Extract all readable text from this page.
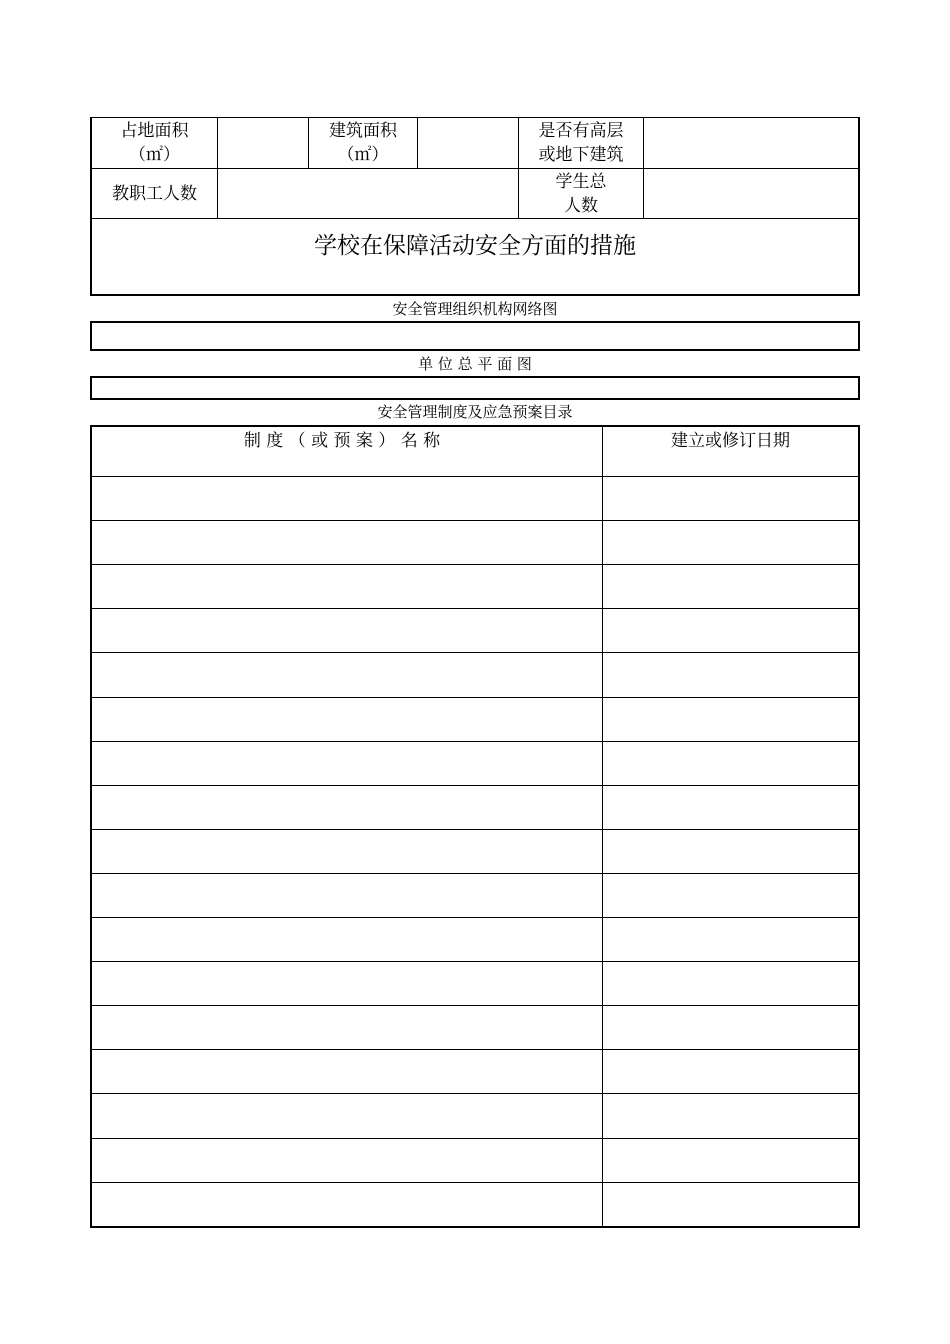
占地面积
（㎡）
建筑面积
（㎡）
是否有高层
或地下建筑
教职工人数
学生总
人数
学校在保障活动安全方面的措施
安全管理组织机构网络图
单 位 总 平 面 图
安全管理制度及应急预案目录
制 度 （ 或 预 案 ） 名 称	建立或修订日期
